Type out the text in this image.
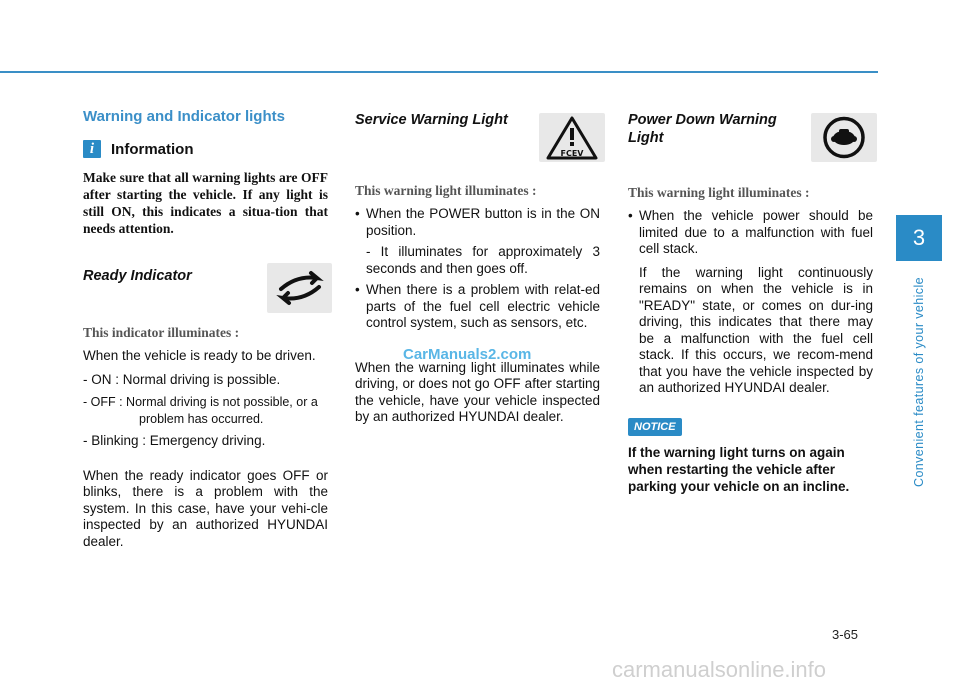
3
Convenient features of your vehicle
Warning and Indicator lights
i	Information

Make sure that all warning lights are OFF after starting the vehicle. If any light is still ON, this indicates a situa-tion that needs attention.

Ready Indicator

This indicator illuminates :

When the vehicle is ready to be driven.

- ON : Normal driving is possible.

- OFF : Normal driving is not possible, or a problem has occurred.

- Blinking : Emergency driving.

When the ready indicator goes OFF or blinks, there is a problem with the system. In this case, have your vehi-cle inspected by an authorized HYUNDAI dealer.

Service Warning Light

This warning light illuminates :

• When the POWER button is in the ON position.

- It illuminates for approximately 3 seconds and then goes off.

• When there is a problem with relat-ed parts of the fuel cell electric vehicle control system, such as sensors, etc.

When the warning light illuminates while driving, or does not go OFF after starting the vehicle, have your vehicle inspected by an authorized HYUNDAI dealer.

FCEV
CarManuals2.com
Power Down Warning Light

This warning light illuminates :

• When the vehicle power should be limited due to a malfunction with fuel cell stack.

If the warning light continuously remains on when the vehicle is in "READY" state, or comes on dur-ing driving, this indicates that there may be a malfunction with the fuel cell stack. If this occurs, we recom-mend that you have the vehicle inspected by an authorized HYUNDAI dealer.

NOTICE

If the warning light turns on again when restarting the vehicle after parking your vehicle on an incline.

3-65
carmanualsonline.info
